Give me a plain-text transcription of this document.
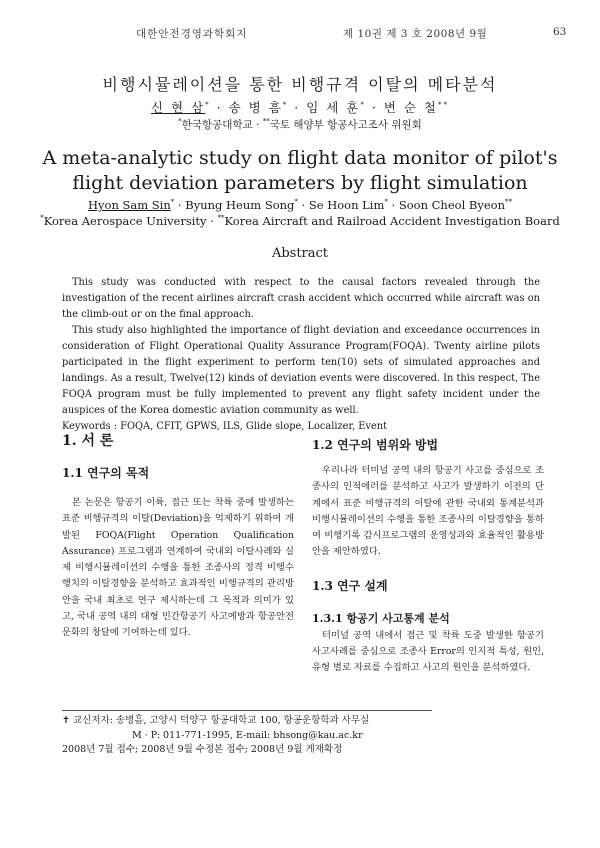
대한안전경영과학회지	제 10권 제 3 호 2008년 9월	63
비행시뮬레이션을 통한 비행규격 이탈의 메타분석
신 현 삼* · 송 병 흠* · 임 세 훈* · 변 순 철**
*한국항공대학교 · **국토 해양부 항공사고조사 위원회
A meta-analytic study on flight data monitor of pilot's flight deviation parameters by flight simulation
Hyon Sam Sin* · Byung Heum Song* · Se Hoon Lim* · Soon Cheol Byeon**
*Korea Aerospace University · **Korea Aircraft and Railroad Accident Investigation Board
Abstract

This study was conducted with respect to the causal factors revealed through the investigation of the recent airlines aircraft crash accident which occurred while aircraft was on the climb-out or on the final approach.

This study also highlighted the importance of flight deviation and exceedance occurrences in consideration of Flight Operational Quality Assurance Program(FOQA). Twenty airline pilots participated in the flight experiment to perform ten(10) sets of simulated approaches and landings. As a result, Twelve(12) kinds of deviation events were discovered. In this respect, The FOQA program must be fully implemented to prevent any flight safety incident under the auspices of the Korea domestic aviation community as well.

Keywords : FOQA, CFIT, GPWS, ILS, Glide slope, Localizer, Event
1. 서 론
1.1 연구의 목적

본 논문은 항공기 이륙, 접근 또는 착륙 중에 발생하는 표준 비행규격의 이탈(Deviation)을 억제하기 위하여 개발된 FOQA(Flight Operation Qualification Assurance) 프로그램과 연계하여 국내외 이탈사례와 실제 비행시뮬레이션의 수행을 통한 조종사의 정격 비행수행치의 이탈경향을 분석하고 효과적인 비행규격의 관리방안을 국내 최초로 연구 제시하는데 그 목적과 의미가 있고, 국내 공역 내의 대형 민간항공기 사고예방과 항공안전문화의 창달에 기여하는데 있다.

1.2 연구의 범위와 방법

우리나라 터미널 공역 내의 항공기 사고를 중심으로 조종사의 인적에러를 분석하고 사고가 발생하기 이전의 단계에서 표준 비행규격의 이탈에 관한 국내외 통계분석과 비행시뮬레이션의 수행을 통한 조종사의 이탈경향을 통하여 비행기록 감시프로그램의 운영성과와 효율적인 활용방안을 제안하였다.

1.3 연구 설계
1.3.1 항공기 사고통계 분석

터미널 공역 내에서 접근 및 착륙 도중 발생한 항공기 사고사례를 중심으로 조종사 Error의 인지적 특성, 원인, 유형 별로 자료를 수집하고 사고의 원인을 분석하였다.

✝ 교신저자: 송병흠, 고양시 덕양구 항공대학교 100, 항공운항학과 사무실
M · P: 011-771-1995, E-mail: bhsong@kau.ac.kr
2008년 7월 접수; 2008년 9월 수정본 접수; 2008년 9월 게재확정
